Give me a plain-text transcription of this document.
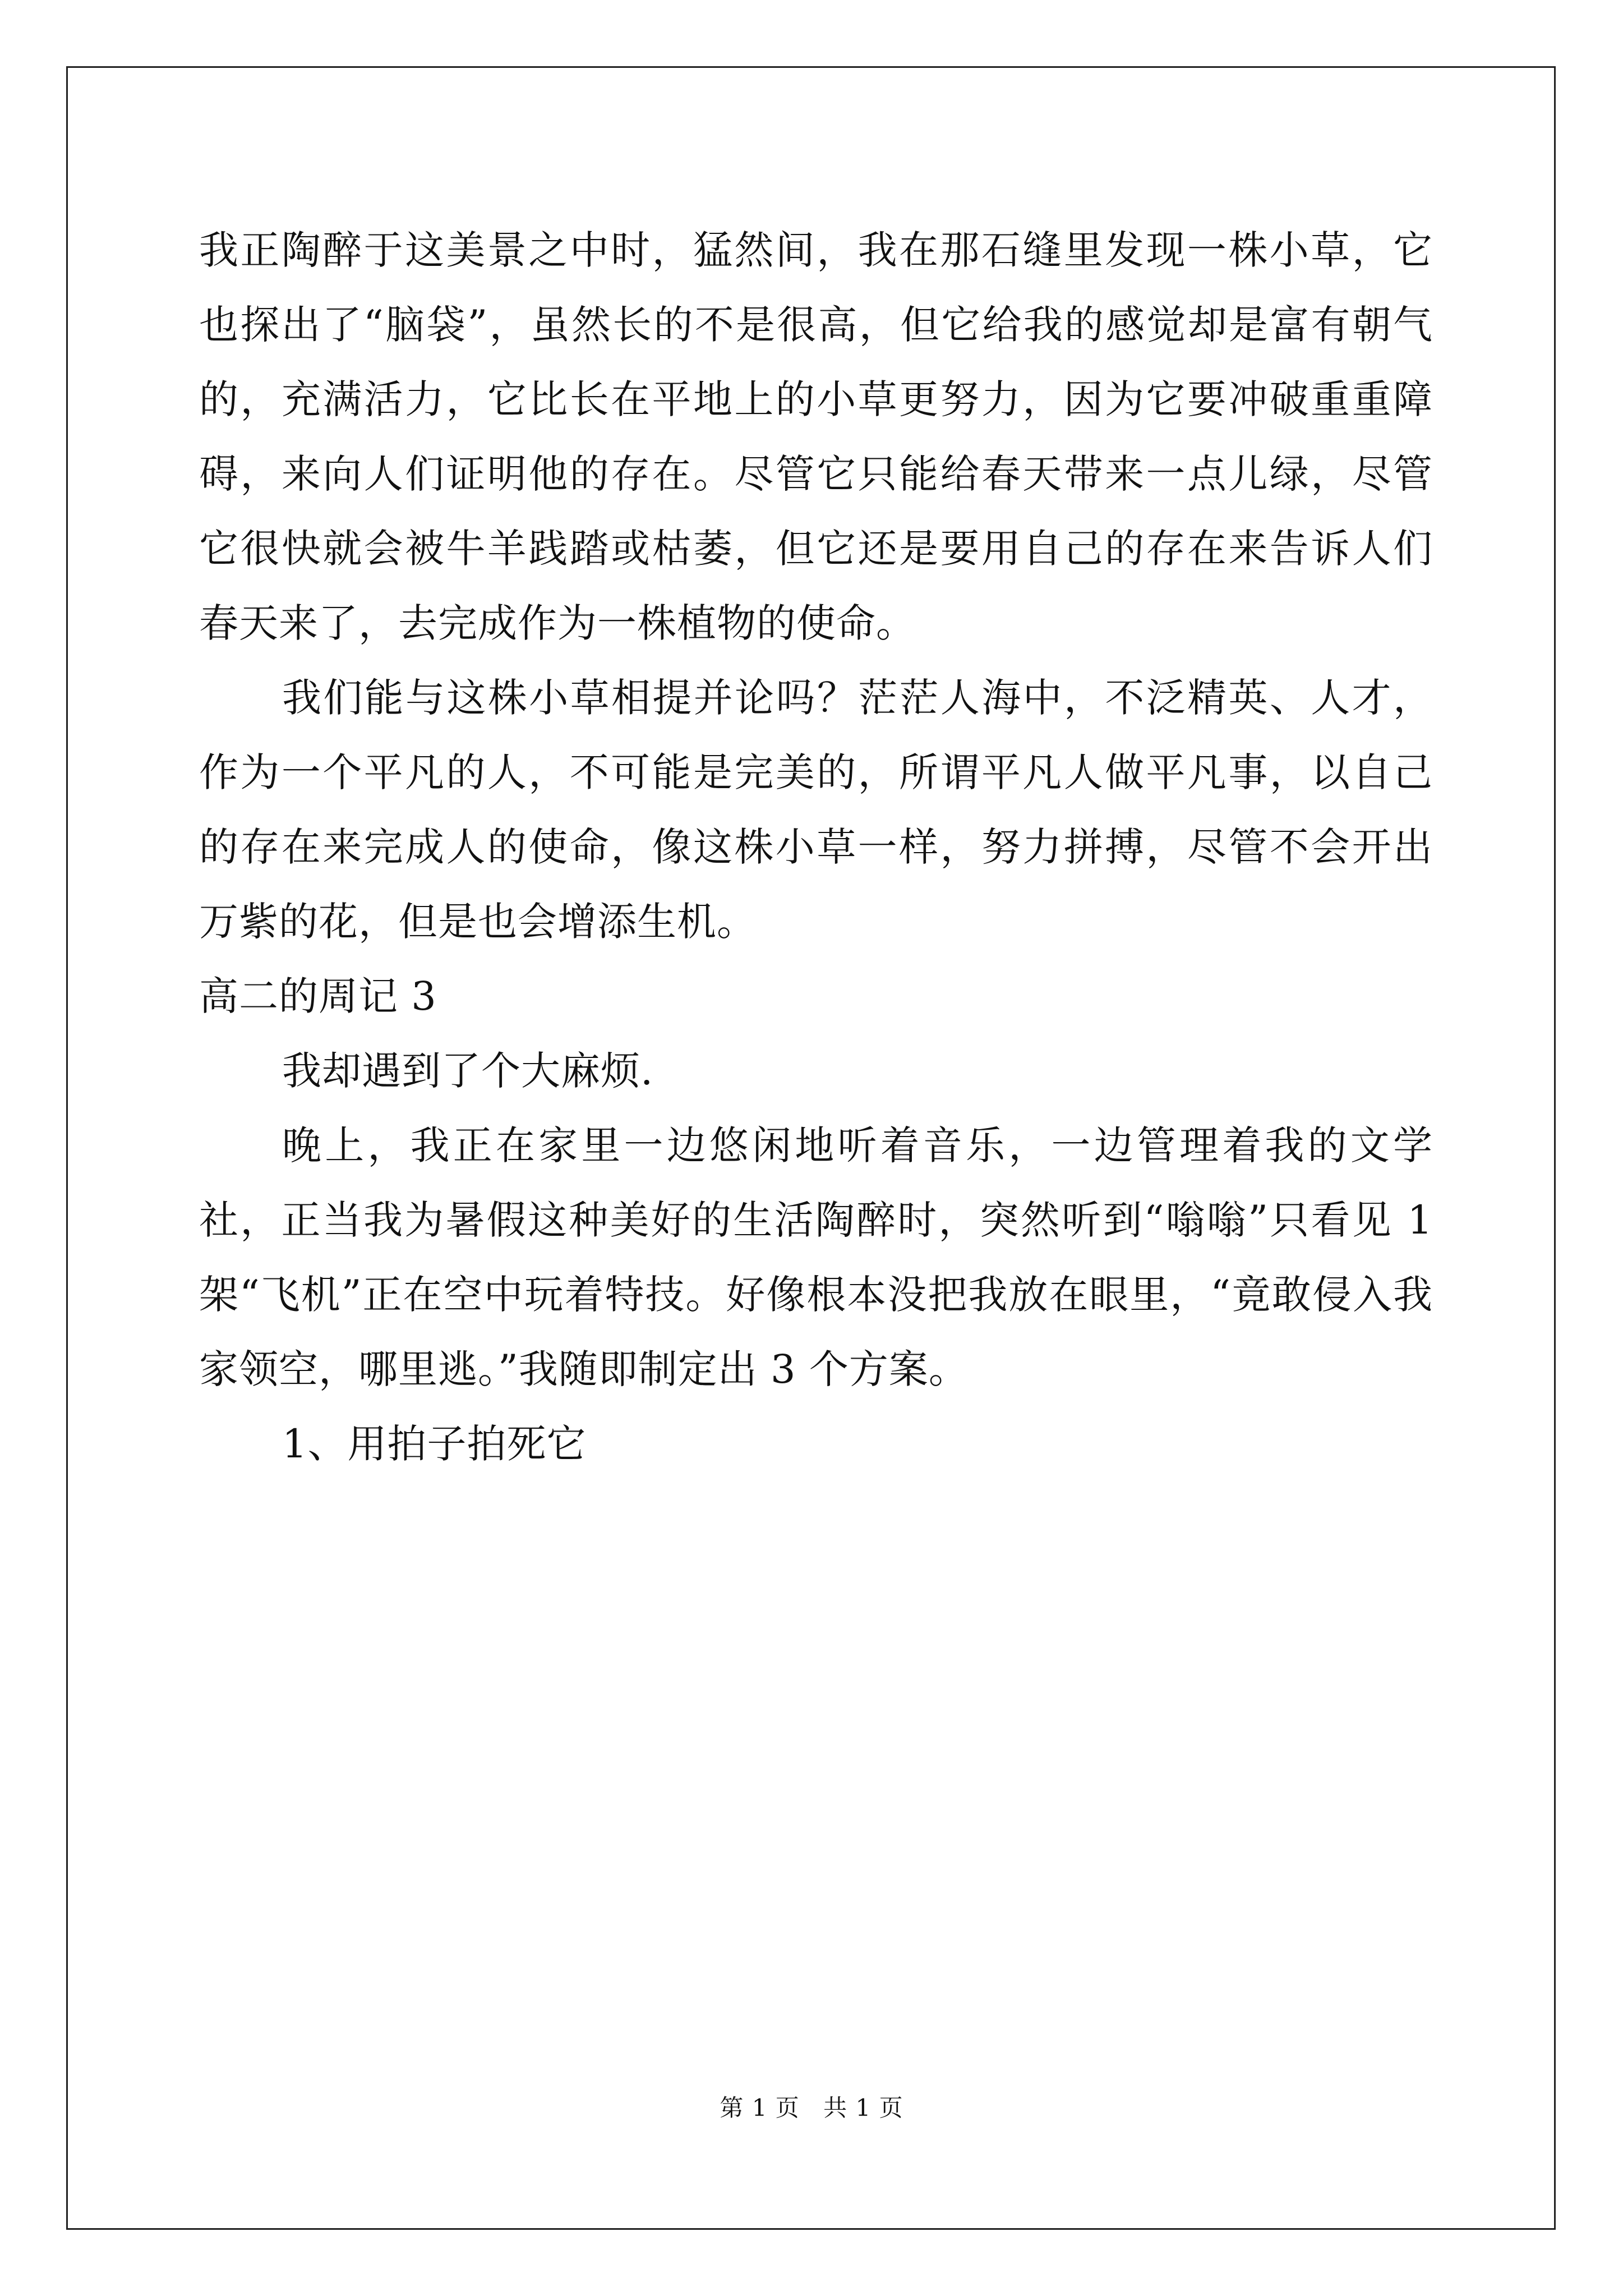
我正陶醉于这美景之中时，猛然间，我在那石缝里发现一株小草，它也探出了“脑袋”，虽然长的不是很高，但它给我的感觉却是富有朝气的，充满活力，它比长在平地上的小草更努力，因为它要冲破重重障碍，来向人们证明他的存在。尽管它只能给春天带来一点儿绿，尽管它很快就会被牛羊践踏或枯萎，但它还是要用自己的存在来告诉人们春天来了，去完成作为一株植物的使命。

我们能与这株小草相提并论吗？茫茫人海中，不泛精英、人才，作为一个平凡的人，不可能是完美的，所谓平凡人做平凡事，以自己的存在来完成人的使命，像这株小草一样，努力拼搏，尽管不会开出万紫的花，但是也会增添生机。

高二的周记 3

我却遇到了个大麻烦.

晚上，我正在家里一边悠闲地听着音乐，一边管理着我的文学社，正当我为暑假这种美好的生活陶醉时，突然听到“嗡嗡”只看见 1 架“飞机”正在空中玩着特技。好像根本没把我放在眼里，“竟敢侵入我家领空，哪里逃。”我随即制定出 3 个方案。

1、用拍子拍死它

第 1 页 共 1 页
